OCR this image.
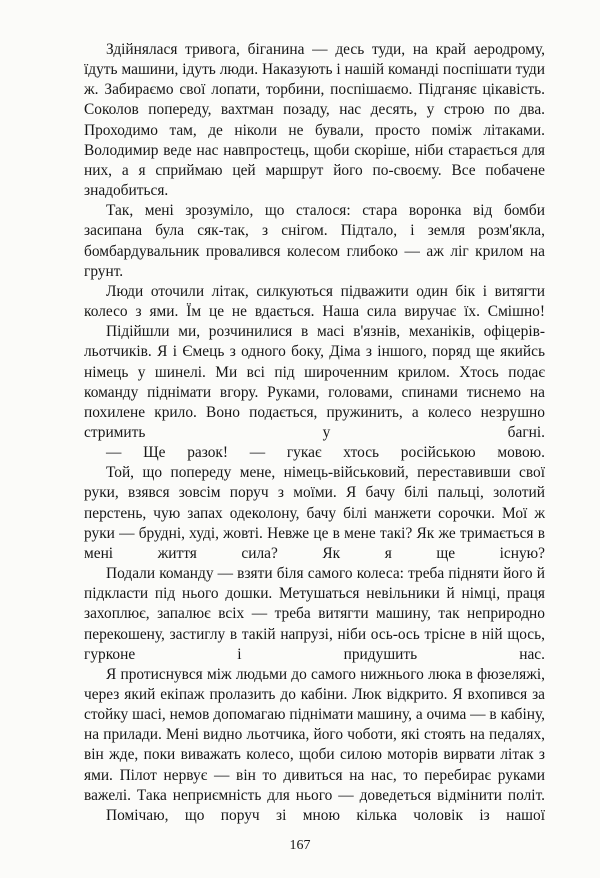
Здійнялася тривога, біганина — десь туди, на край аеродрому, їдуть машини, ідуть люди. Наказують і нашій команді поспішати туди ж. Забираємо свої лопати, торбини, поспішаємо. Підганяє цікавість. Соколов попереду, вахтман позаду, нас десять, у строю по два. Проходимо там, де ніколи не бували, просто поміж літаками. Володимир веде нас навпростець, щоби скоріше, ніби старається для них, а я сприймаю цей маршрут його по-своєму. Все побачене знадобиться.

Так, мені зрозуміло, що сталося: стара воронка від бомби засипана була сяк-так, з снігом. Підтало, і земля розм'якла, бомбардувальник провалився колесом глибоко — аж ліг крилом на грунт.

Люди оточили літак, силкуються підважити один бік і витягти колесо з ями. Їм це не вдається. Наша сила виручає їх. Смішно!

Підійшли ми, розчинилися в масі в'язнів, механіків, офіцерів-льотчиків. Я і Ємець з одного боку, Діма з іншого, поряд ще якийсь німець у шинелі. Ми всі під широченним крилом. Хтось подає команду піднімати вгору. Руками, головами, спинами тиснемо на похилене крило. Воно подається, пружинить, а колесо незрушно стримить у багні.

— Ще разок! — гукає хтось російською мовою.

Той, що попереду мене, німець-військовий, переставивши свої руки, взявся зовсім поруч з моїми. Я бачу білі пальці, золотий перстень, чую запах одеколону, бачу білі манжети сорочки. Мої ж руки — брудні, худі, жовті. Невже це в мене такі? Як же тримається в мені життя сила? Як я ще існую?

Подали команду — взяти біля самого колеса: треба підняти його й підкласти під нього дошки. Метушаться невільники й німці, праця захоплює, запалює всіх — треба витягти машину, так неприродно перекошену, застиглу в такій напрузі, ніби ось-ось трісне в ній щось, гурконе і придушить нас.

Я протиснувся між людьми до самого нижнього люка в фюзеляжі, через який екіпаж пролазить до кабіни. Люк відкрито. Я вхопився за стойку шасі, немов допомагаю піднімати машину, а очима — в кабіну, на прилади. Мені видно льотчика, його чоботи, які стоять на педалях, він жде, поки виважать колесо, щоби силою моторів вирвати літак з ями. Пілот нервує — він то дивиться на нас, то перебирає руками важелі. Така неприємність для нього — доведеться відмінити політ.

Помічаю, що поруч зі мною кілька чоловік із нашої

167
